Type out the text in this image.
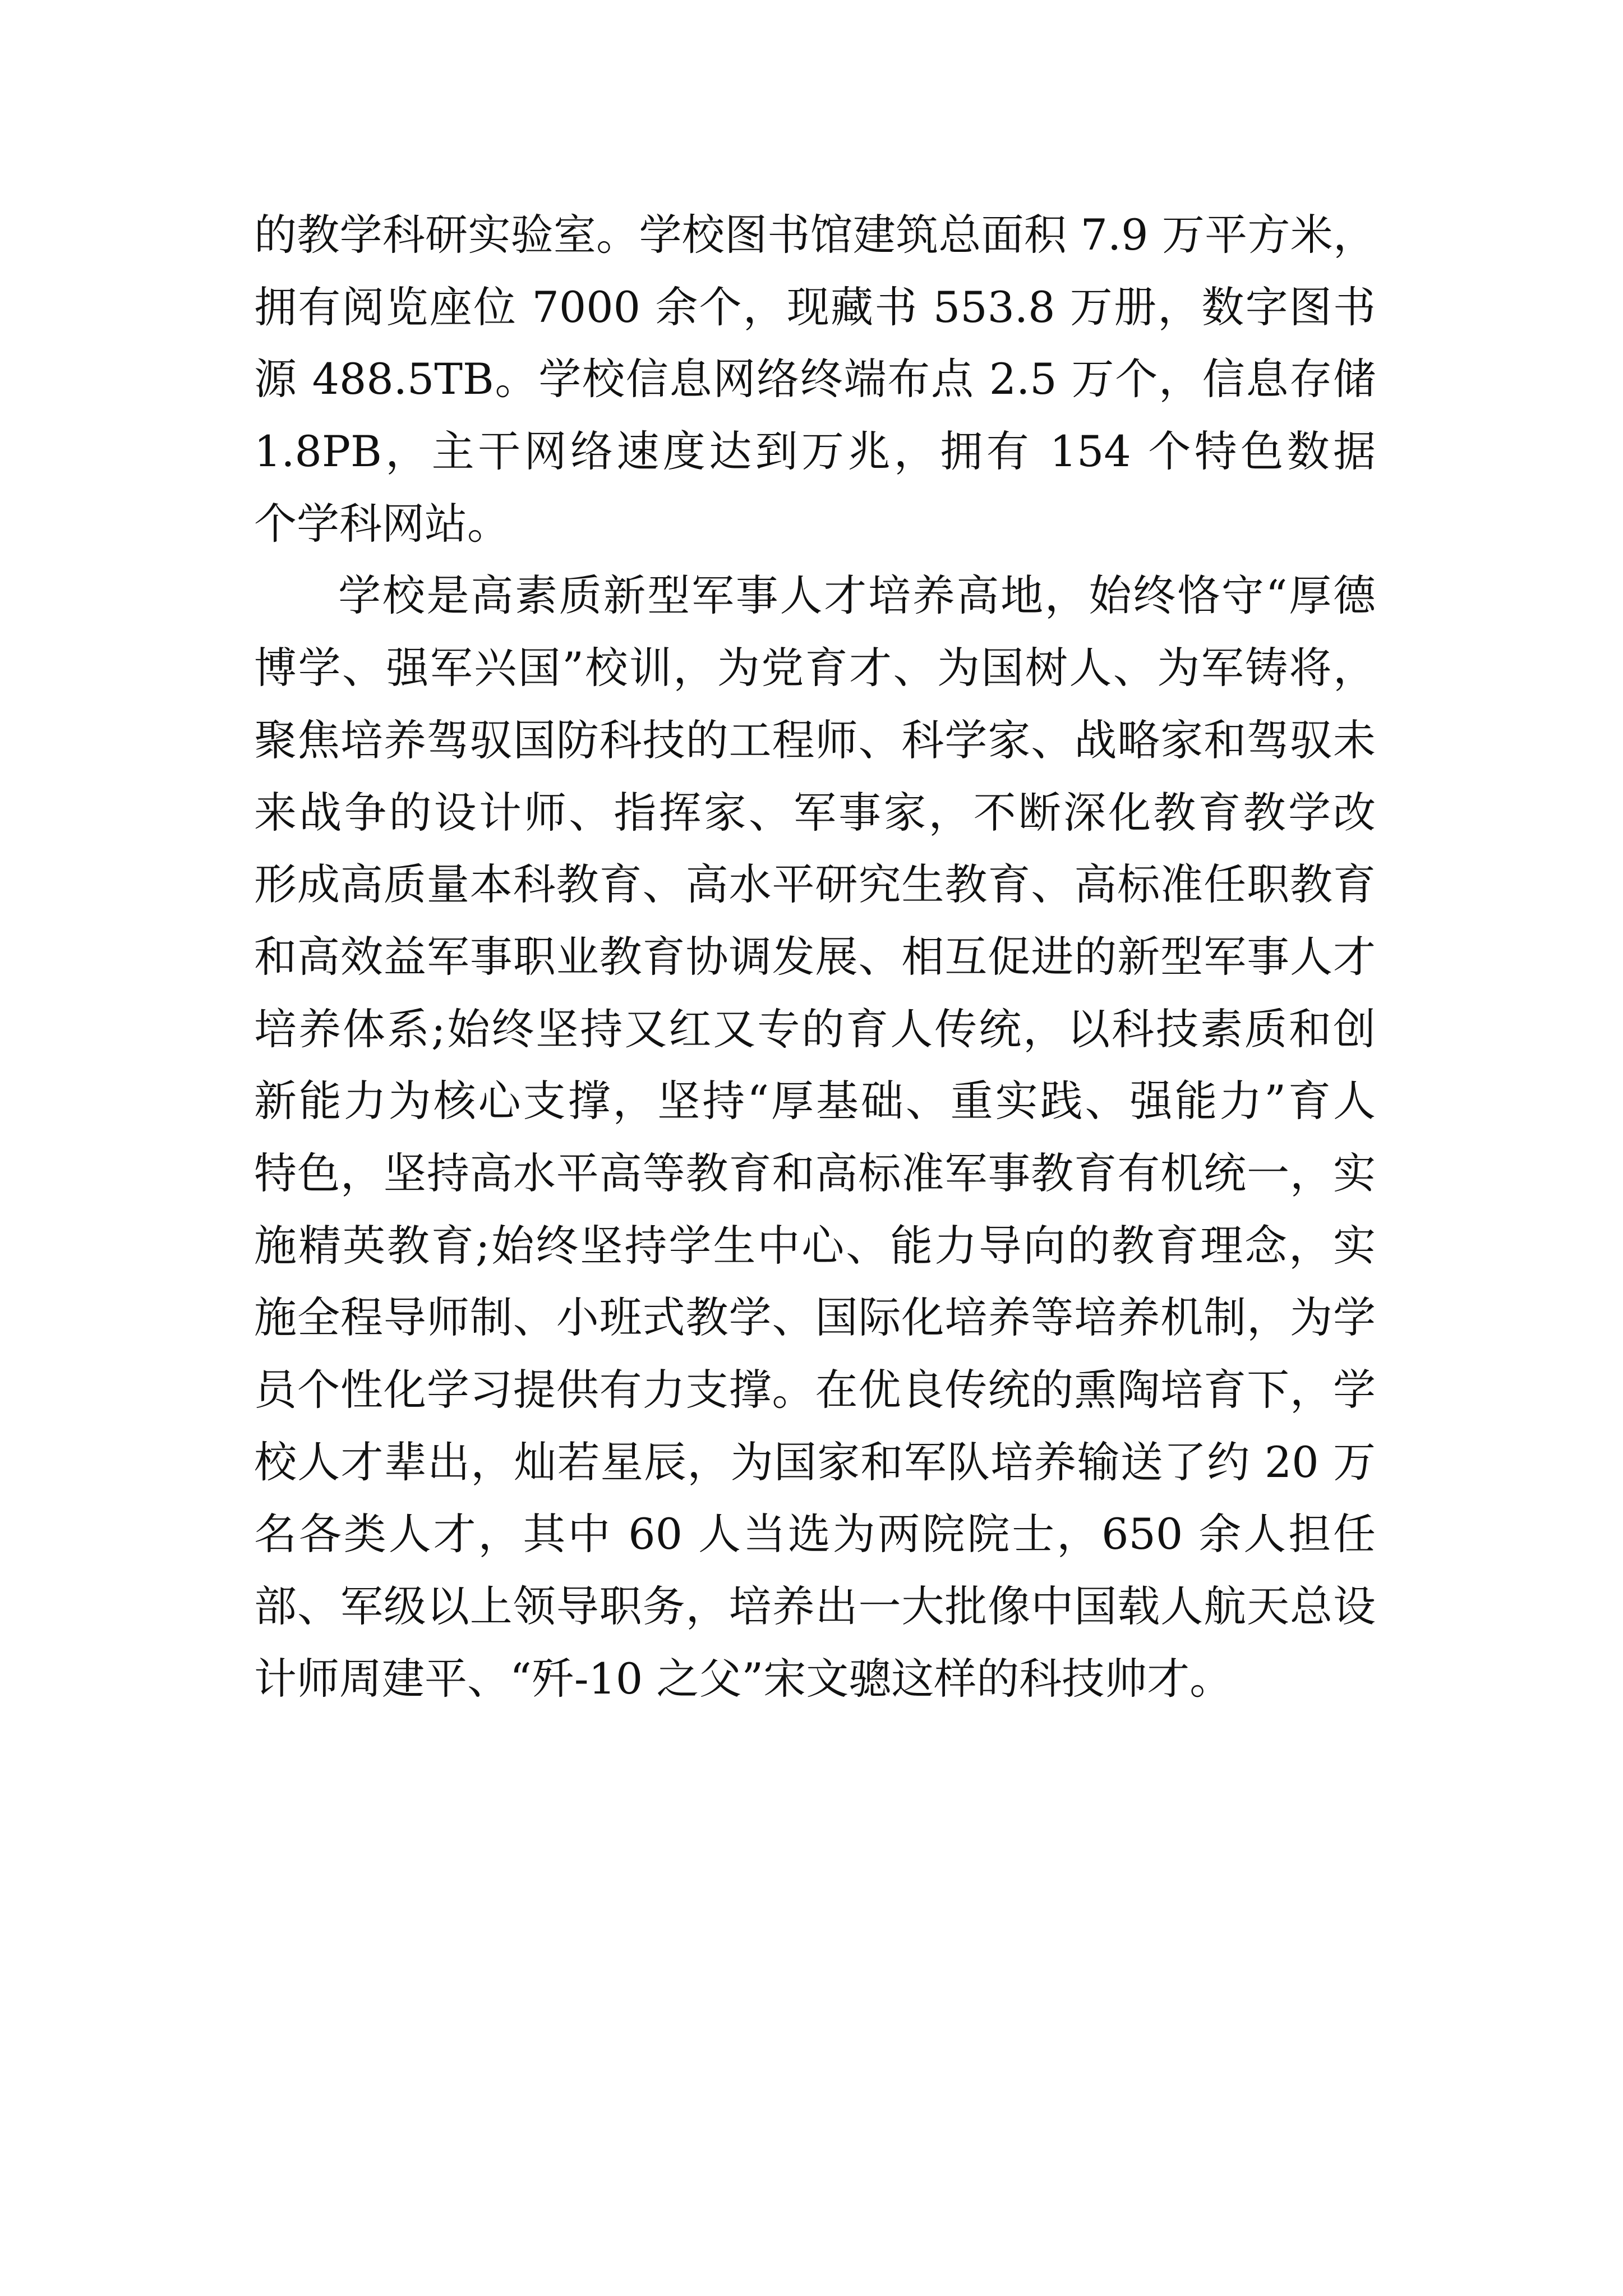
的教学科研实验室。学校图书馆建筑总面积 7.9 万平方米，
拥有阅览座位 7000 余个，现藏书 553.8 万册，数字图书
源 488.5TB。学校信息网络终端布点 2.5 万个，信息存储
1.8PB，主干网络速度达到万兆，拥有 154 个特色数据
个学科网站。
学校是高素质新型军事人才培养高地，始终恪守“厚德
博学、强军兴国”校训，为党育才、为国树人、为军铸将，
聚焦培养驾驭国防科技的工程师、科学家、战略家和驾驭未
来战争的设计师、指挥家、军事家，不断深化教育教学改
形成高质量本科教育、高水平研究生教育、高标准任职教育
和高效益军事职业教育协调发展、相互促进的新型军事人才
培养体系;始终坚持又红又专的育人传统，以科技素质和创
新能力为核心支撑，坚持“厚基础、重实践、强能力”育人
特色，坚持高水平高等教育和高标准军事教育有机统一，实
施精英教育;始终坚持学生中心、能力导向的教育理念，实
施全程导师制、小班式教学、国际化培养等培养机制，为学
员个性化学习提供有力支撑。在优良传统的熏陶培育下，学
校人才辈出，灿若星辰，为国家和军队培养输送了约 20 万
名各类人才，其中 60 人当选为两院院士，650 余人担任
部、军级以上领导职务，培养出一大批像中国载人航天总设
计师周建平、“歼-10 之父”宋文骢这样的科技帅才。
